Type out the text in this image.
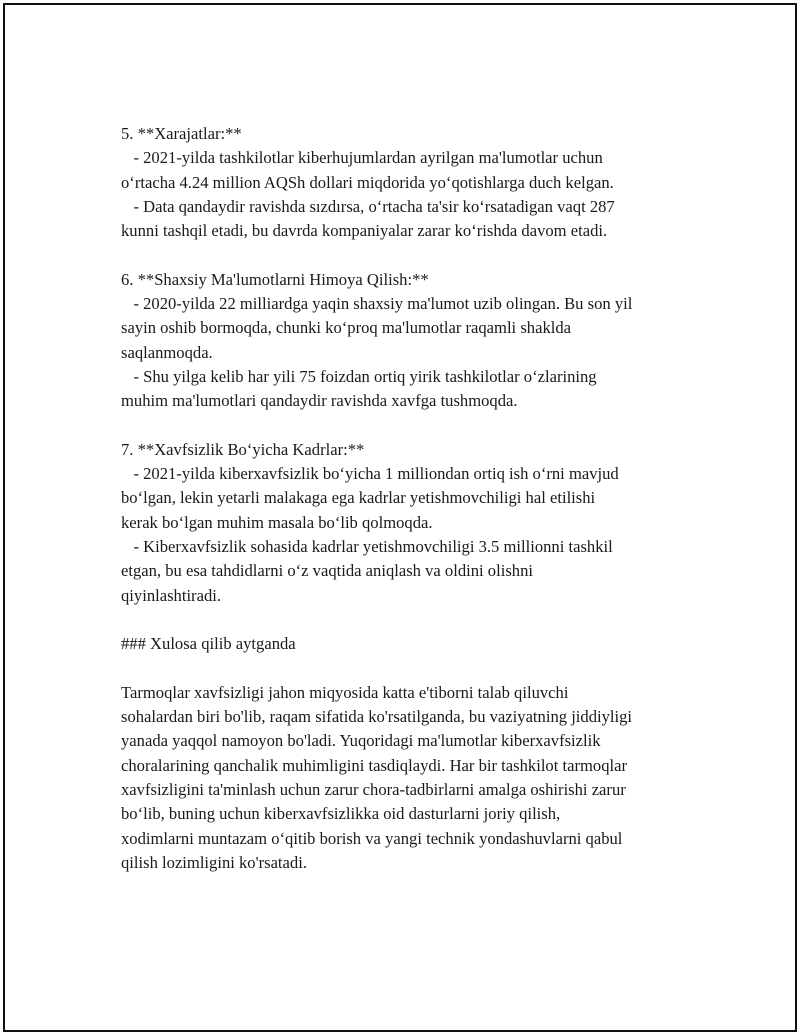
5. **Xarajatlar:**
- 2021-yilda tashkilotlar kiberhujumlardan ayrilgan ma'lumotlar uchun
o‘rtacha 4.24 million AQSh dollari miqdorida yo‘qotishlarga duch kelgan.
- Data qandaydir ravishda sızdırsa, o‘rtacha ta'sir ko‘rsatadigan vaqt 287
kunni tashqil etadi, bu davrda kompaniyalar zarar ko‘rishda davom etadi.
6. **Shaxsiy Ma'lumotlarni Himoya Qilish:**
- 2020-yilda 22 milliardga yaqin shaxsiy ma'lumot uzib olingan. Bu son yil
sayin oshib bormoqda, chunki ko‘proq ma'lumotlar raqamli shaklda
saqlanmoqda.
- Shu yilga kelib har yili 75 foizdan ortiq yirik tashkilotlar o‘zlarining
muhim ma'lumotlari qandaydir ravishda xavfga tushmoqda.
7. **Xavfsizlik Bo‘yicha Kadrlar:**
- 2021-yilda kiberxavfsizlik bo‘yicha 1 milliondan ortiq ish o‘rni mavjud
bo‘lgan, lekin yetarli malakaga ega kadrlar yetishmovchiligi hal etilishi
kerak bo‘lgan muhim masala bo‘lib qolmoqda.
- Kiberxavfsizlik sohasida kadrlar yetishmovchiligi 3.5 millionni tashkil
etgan, bu esa tahdidlarni o‘z vaqtida aniqlash va oldini olishni
qiyinlashtiradi.
### Xulosa qilib aytganda
Tarmoqlar xavfsizligi jahon miqyosida katta e'tiborni talab qiluvchi
sohalardan biri bo'lib, raqam sifatida ko'rsatilganda, bu vaziyatning jiddiyligi
yanada yaqqol namoyon bo'ladi. Yuqoridagi ma'lumotlar kiberxavfsizlik
choralarining qanchalik muhimligini tasdiqlaydi. Har bir tashkilot tarmoqlar
xavfsizligini ta'minlash uchun zarur chora-tadbirlarni amalga oshirishi zarur
bo‘lib, buning uchun kiberxavfsizlikka oid dasturlarni joriy qilish,
xodimlarni muntazam o‘qitib borish va yangi technik yondashuvlarni qabul
qilish lozimligini ko'rsatadi.
